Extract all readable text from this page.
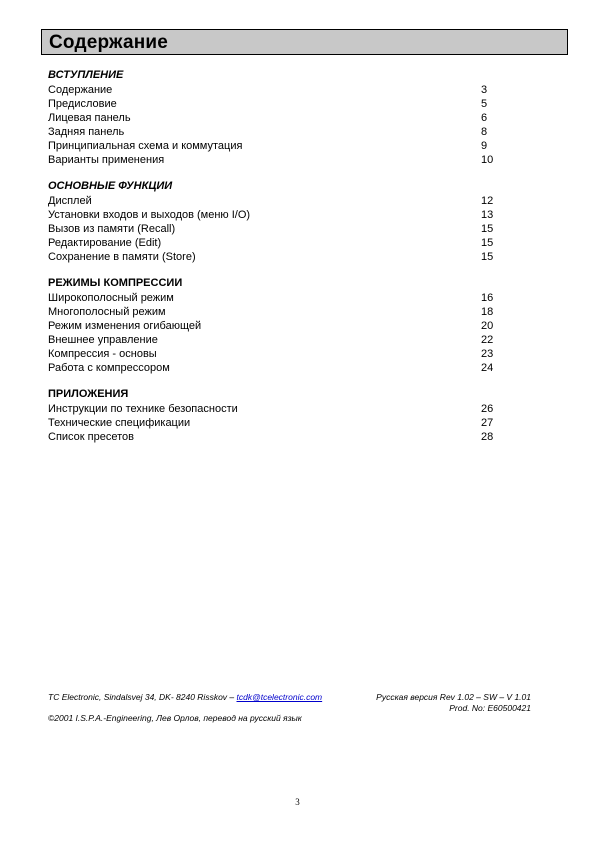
Содержание
ВСТУПЛЕНИЕ
Содержание	3
Предисловие	5
Лицевая панель	6
Задняя панель	8
Принципиальная схема и коммутация	9
Варианты применения	10
ОСНОВНЫЕ ФУНКЦИИ
Дисплей	12
Установки входов и выходов (меню I/O)	13
Вызов из памяти (Recall)	15
Редактирование (Edit)	15
Сохранение в памяти (Store)	15
РЕЖИМЫ КОМПРЕССИИ
Широкополосный режим	16
Многополосный режим	18
Режим изменения огибающей	20
Внешнее управление	22
Компрессия - основы	23
Работа с компрессором	24
ПРИЛОЖЕНИЯ
Инструкции по технике безопасности	26
Технические спецификации	27
Список пресетов	28
TC Electronic, Sindalsvej 34, DK- 8240 Risskov – tcdk@tcelectronic.com	Русская версия Rev 1.02 – SW – V 1.01
Prod. No: E60500421
©2001 I.S.P.A.-Engineering, Лев Орлов, перевод на русский язык
3
